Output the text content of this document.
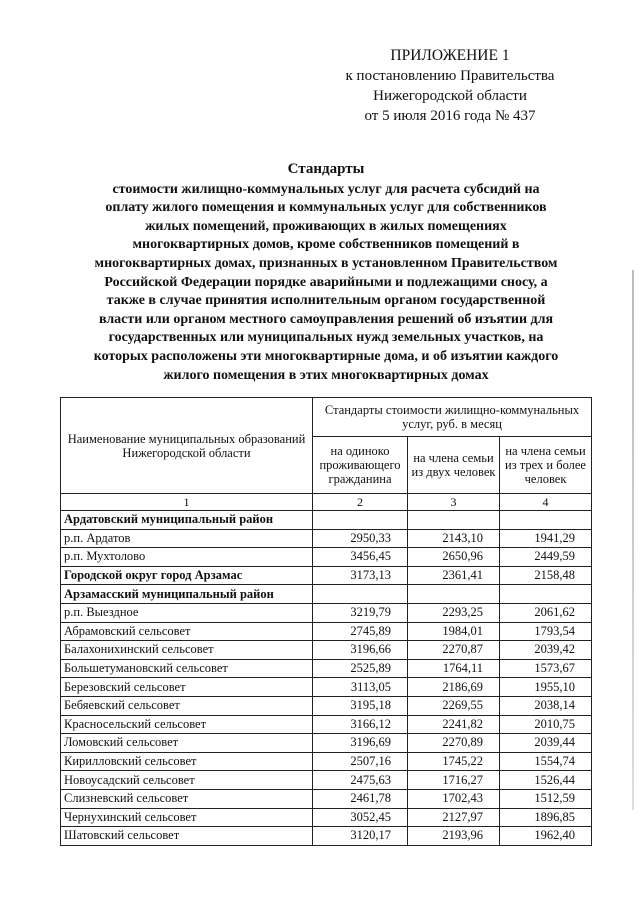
ПРИЛОЖЕНИЕ 1
к постановлению Правительства
Нижегородской области
от 5 июля 2016 года № 437
Стандарты
стоимости жилищно-коммунальных услуг для расчета субсидий на
оплату жилого помещения и коммунальных услуг для собственников
жилых помещений, проживающих в жилых помещениях
многоквартирных домов, кроме собственников помещений в
многоквартирных домах, признанных в установленном Правительством
Российской Федерации порядке аварийными и подлежащими сносу, а
также в случае принятия исполнительным органом государственной
власти или органом местного самоуправления решений об изъятии для
государственных или муниципальных нужд земельных участков, на
которых расположены эти многоквартирные дома, и об изъятии каждого
жилого помещения в этих многоквартирных домах
Наименование муниципальных образований Нижегородской области	Стандарты стоимости жилищно-коммунальных услуг, руб. в месяц		
	на одиноко проживающего гражданина	на члена семьи из двух человек	на члена семьи из трех и более человек
1	2	3	4
Ардатовский муниципальный район			
р.п. Ардатов	2950,33	2143,10	1941,29
р.п. Мухтолово	3456,45	2650,96	2449,59
Городской округ город Арзамас	3173,13	2361,41	2158,48
Арзамасский муниципальный район			
р.п. Выездное	3219,79	2293,25	2061,62
Абрамовский сельсовет	2745,89	1984,01	1793,54
Балахонихинский сельсовет	3196,66	2270,87	2039,42
Большетумановский сельсовет	2525,89	1764,11	1573,67
Березовский сельсовет	3113,05	2186,69	1955,10
Бебяевский сельсовет	3195,18	2269,55	2038,14
Красносельский сельсовет	3166,12	2241,82	2010,75
Ломовский сельсовет	3196,69	2270,89	2039,44
Кирилловский сельсовет	2507,16	1745,22	1554,74
Новоусадский сельсовет	2475,63	1716,27	1526,44
Слизневский сельсовет	2461,78	1702,43	1512,59
Чернухинский сельсовет	3052,45	2127,97	1896,85
Шатовский сельсовет	3120,17	2193,96	1962,40
